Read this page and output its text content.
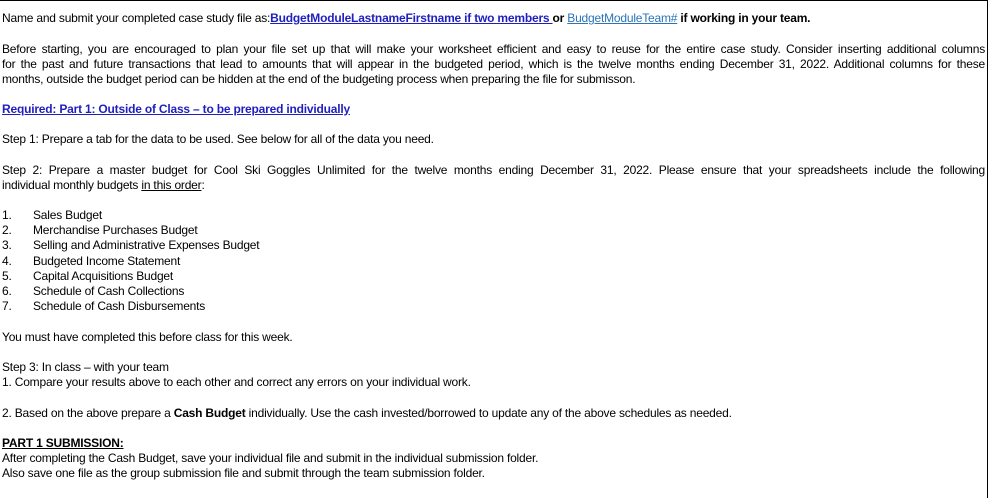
Name and submit your completed case study file as:BudgetModuleLastnameFirstname if two members or BudgetModuleTeam# if working in your team.
Before starting, you are encouraged to plan your file set up that will make your worksheet efficient and easy to reuse for the entire case study. Consider inserting additional columns
for the past and future transactions that lead to amounts that will appear in the budgeted period, which is the twelve months ending December 31, 2022. Additional columns for these
months, outside the budget period can be hidden at the end of the budgeting process when preparing the file for submisson.
Required: Part 1: Outside of Class – to be prepared individually
Step 1: Prepare a tab for the data to be used. See below for all of the data you need.
Step 2: Prepare a master budget for Cool Ski Goggles Unlimited for the twelve months ending December 31, 2022. Please ensure that your spreadsheets include the following
individual monthly budgets in this order:
1. Sales Budget
2. Merchandise Purchases Budget
3. Selling and Administrative Expenses Budget
4. Budgeted Income Statement
5. Capital Acquisitions Budget
6. Schedule of Cash Collections
7. Schedule of Cash Disbursements
You must have completed this before class for this week.
Step 3: In class – with your team
1. Compare your results above to each other and correct any errors on your individual work.
2. Based on the above prepare a Cash Budget individually. Use the cash invested/borrowed to update any of the above schedules as needed.
PART 1 SUBMISSION:
After completing the Cash Budget, save your individual file and submit in the individual submission folder.
Also save one file as the group submission file and submit through the team submission folder.
